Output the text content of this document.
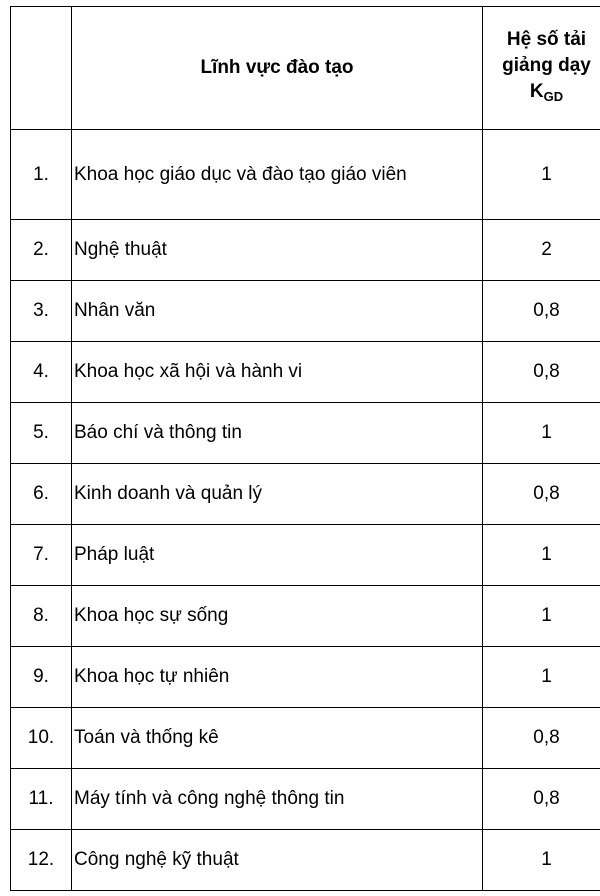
	Lĩnh vực đào tạo	Hệ số tải
giảng dạy
$K_{GD}$
1.	Khoa học giáo dục và đào tạo giáo viên	1
2.	Nghệ thuật	2
3.	Nhân văn	0,8
4.	Khoa học xã hội và hành vi	0,8
5.	Báo chí và thông tin	1
6.	Kinh doanh và quản lý	0,8
7.	Pháp luật	1
8.	Khoa học sự sống	1
9.	Khoa học tự nhiên	1
10.	Toán và thống kê	0,8
11.	Máy tính và công nghệ thông tin	0,8
12.	Công nghệ kỹ thuật	1
